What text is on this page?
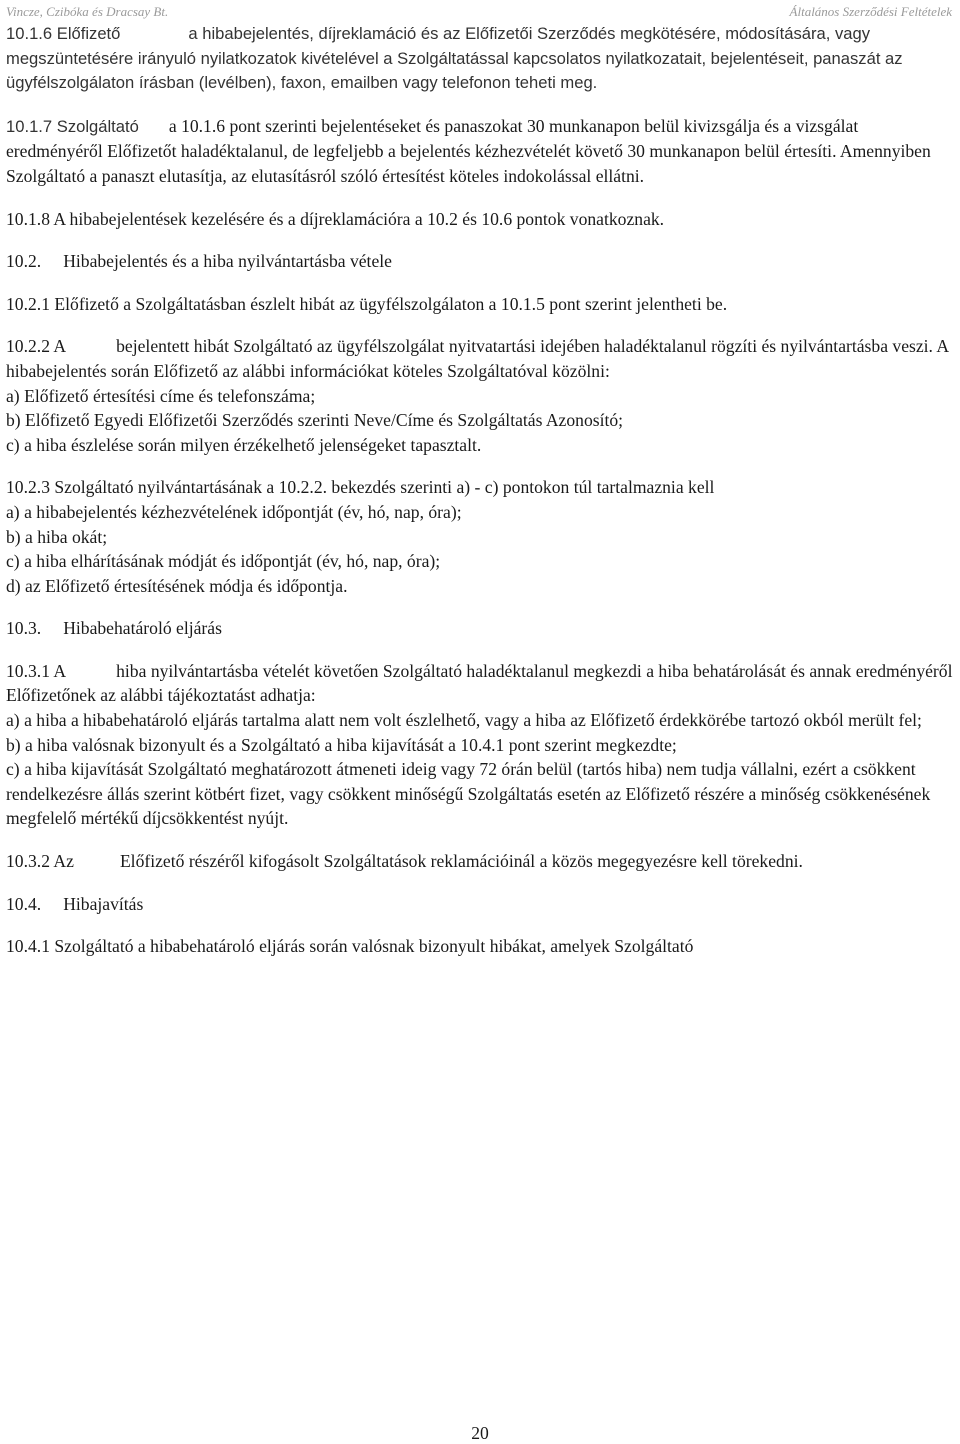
Vincze, Czibóka és Dracsay Bt.	Általános Szerződési Feltételek

10.1.6 Előfizető	a hibabejelentés, díjreklamáció és az Előfizetői Szerződés megkötésére, módosítására, vagy megszüntetésére irányuló nyilatkozatok kivételével a Szolgáltatással kapcsolatos nyilatkozatait, bejelentéseit, panaszát az ügyfélszolgálaton írásban (levélben), faxon, emailben vagy telefonon teheti meg.

10.1.7 Szolgáltató a 10.1.6 pont szerinti bejelentéseket és panaszokat 30 munkanapon belül kivizsgálja és a vizsgálat eredményéről Előfizetőt haladéktalanul, de legfeljebb a bejelentés kézhezvételét követő 30 munkanapon belül értesíti. Amennyiben Szolgáltató a panaszt elutasítja, az elutasításról szóló értesítést köteles indokolással ellátni.

10.1.8 A hibabejelentések kezelésére és a díjreklamációra a 10.2 és 10.6 pontok vonatkoznak.

10.2. Hibabejelentés és a hiba nyilvántartásba vétele

10.2.1 Előfizető a Szolgáltatásban észlelt hibát az ügyfélszolgálaton a 10.1.5 pont szerint jelentheti be.

10.2.2 A	bejelentett hibát Szolgáltató az ügyfélszolgálat nyitvatartási idejében haladéktalanul rögzíti és nyilvántartásba veszi. A hibabejelentés során Előfizető az alábbi információkat köteles Szolgáltatóval közölni:
a) Előfizető értesítési címe és telefonszáma;
b) Előfizető Egyedi Előfizetői Szerződés szerinti Neve/Címe és Szolgáltatás Azonosító;
c) a hiba észlelése során milyen érzékelhető jelenségeket tapasztalt.

10.2.3 Szolgáltató nyilvántartásának a 10.2.2. bekezdés szerinti a) - c) pontokon túl tartalmaznia kell
a) a hibabejelentés kézhezvételének időpontját (év, hó, nap, óra);
b) a hiba okát;
c) a hiba elhárításának módját és időpontját (év, hó, nap, óra);
d) az Előfizető értesítésének módja és időpontja.

10.3. Hibabehatároló eljárás

10.3.1 A	hiba nyilvántartásba vételét követően Szolgáltató haladéktalanul megkezdi a hiba behatárolását és annak eredményéről Előfizetőnek az alábbi tájékoztatást adhatja:
a) a hiba a hibabehatároló eljárás tartalma alatt nem volt észlelhető, vagy a hiba az Előfizető érdekkörébe tartozó okból merült fel;
b) a hiba valósnak bizonyult és a Szolgáltató a hiba kijavítását a 10.4.1 pont szerint megkezdte;
c) a hiba kijavítását Szolgáltató meghatározott átmeneti ideig vagy 72 órán belül (tartós hiba) nem tudja vállalni, ezért a csökkent rendelkezésre állás szerint kötbért fizet, vagy csökkent minőségű Szolgáltatás esetén az Előfizető részére a minőség csökkenésének megfelelő mértékű díjcsökkentést nyújt.

10.3.2 Az	Előfizető részéről kifogásolt Szolgáltatások reklamációinál a közös megegyezésre kell törekedni.

10.4. Hibajavítás

10.4.1 Szolgáltató a hibabehatároló eljárás során valósnak bizonyult hibákat, amelyek Szolgáltató

20
